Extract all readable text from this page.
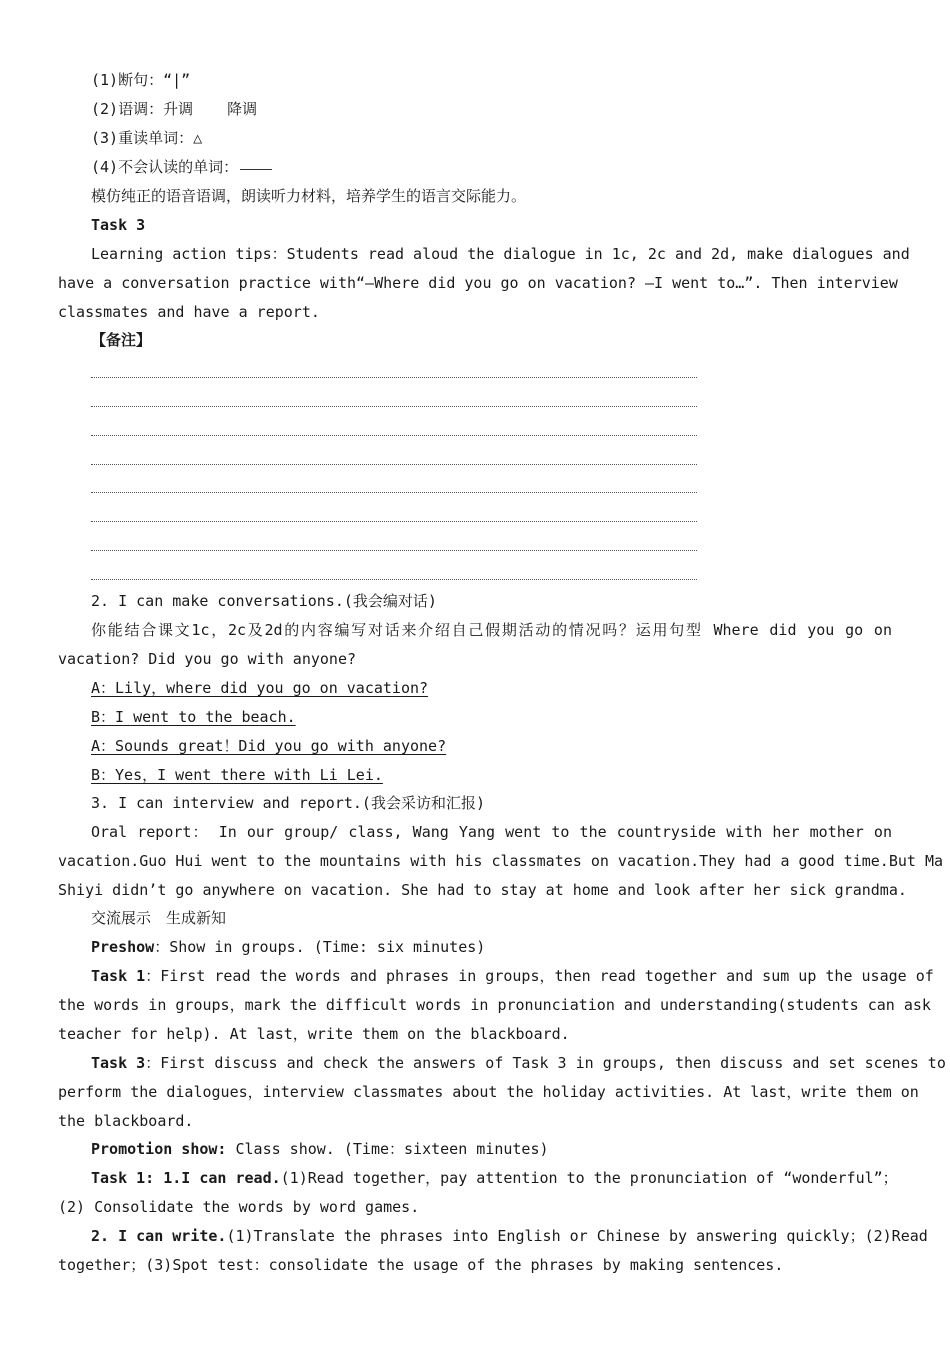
(1)断句：“|”
(2)语调：升调 降调
(3)重读单词：△
(4)不会认读的单词：
模仿纯正的语音语调，朗读听力材料，培养学生的语言交际能力。
Task 3
Learning action tips：Students read aloud the dialogue in 1c, 2c and 2d, make dialogues and
have a conversation practice with“—Where did you go on vacation? —I went to…”. Then interview
classmates and have a report.
【备注】
2. I can make conversations.(我会编对话)
你能结合课文1c，2c及2d的内容编写对话来介绍自己假期活动的情况吗？运用句型 Where did you go on
vacation? Did you go with anyone?
A：Lily，where did you go on vacation?
B：I went to the beach.
A：Sounds great！Did you go with anyone?
B：Yes，I went there with Li Lei.
3. I can interview and report.(我会采访和汇报)
Oral report： In our group/ class, Wang Yang went to the countryside with her mother on
vacation.Guo Hui went to the mountains with his classmates on vacation.They had a good time.But Ma
Shiyi didn’t go anywhere on vacation. She had to stay at home and look after her sick grandma.
交流展示　生成新知
Preshow：Show in groups. (Time: six minutes)
Task 1：First read the words and phrases in groups，then read together and sum up the usage of
the words in groups，mark the difficult words in pronunciation and understanding(students can ask
teacher for help). At last，write them on the blackboard.
Task 3：First discuss and check the answers of Task 3 in groups, then discuss and set scenes to
perform the dialogues，interview classmates about the holiday activities. At last，write them on
the blackboard.
Promotion show: Class show. (Time：sixteen minutes)
Task 1: 1.I can read.(1)Read together，pay attention to the pronunciation of “wonderful”；
(2) Consolidate the words by word games.
2. I can write.(1)Translate the phrases into English or Chinese by answering quickly；(2)Read
together；(3)Spot test：consolidate the usage of the phrases by making sentences.
